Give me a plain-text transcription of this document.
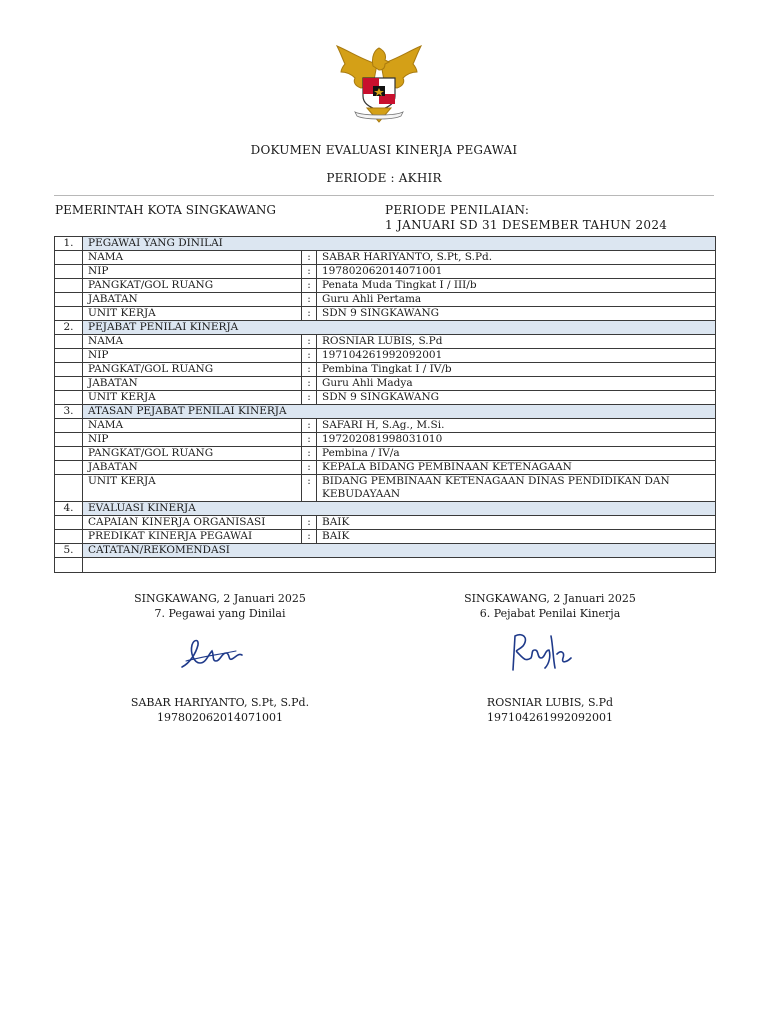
DOKUMEN EVALUASI KINERJA PEGAWAI
PERIODE : AKHIR
PEMERINTAH KOTA SINGKAWANG	PERIODE PENILAIAN:
1 JANUARI SD 31 DESEMBER TAHUN 2024
1.	PEGAWAI YANG DINILAI		
	NAMA	:	SABAR HARIYANTO, S.Pt, S.Pd.
	NIP	:	197802062014071001
	PANGKAT/GOL RUANG	:	Penata Muda Tingkat I / III/b
	JABATAN	:	Guru Ahli Pertama
	UNIT KERJA	:	SDN 9 SINGKAWANG
2.	PEJABAT PENILAI KINERJA		
	NAMA	:	ROSNIAR LUBIS, S.Pd
	NIP	:	197104261992092001
	PANGKAT/GOL RUANG	:	Pembina Tingkat I / IV/b
	JABATAN	:	Guru Ahli Madya
	UNIT KERJA	:	SDN 9 SINGKAWANG
3.	ATASAN PEJABAT PENILAI KINERJA		
	NAMA	:	SAFARI H, S.Ag., M.Si.
	NIP	:	197202081998031010
	PANGKAT/GOL RUANG	:	Pembina / IV/a
	JABATAN	:	KEPALA BIDANG PEMBINAAN KETENAGAAN
	UNIT KERJA	:	BIDANG PEMBINAAN KETENAGAAN DINAS PENDIDIKAN DAN KEBUDAYAAN
4.	EVALUASI KINERJA		
	CAPAIAN KINERJA ORGANISASI	:	BAIK
	PREDIKAT KINERJA PEGAWAI	:	BAIK
5.	CATATAN/REKOMENDASI		

SINGKAWANG, 2 Januari 2025
7. Pegawai yang Dinilai
SINGKAWANG, 2 Januari 2025
6. Pejabat Penilai Kinerja
SABAR HARIYANTO, S.Pt, S.Pd.
197802062014071001
ROSNIAR LUBIS, S.Pd
197104261992092001
